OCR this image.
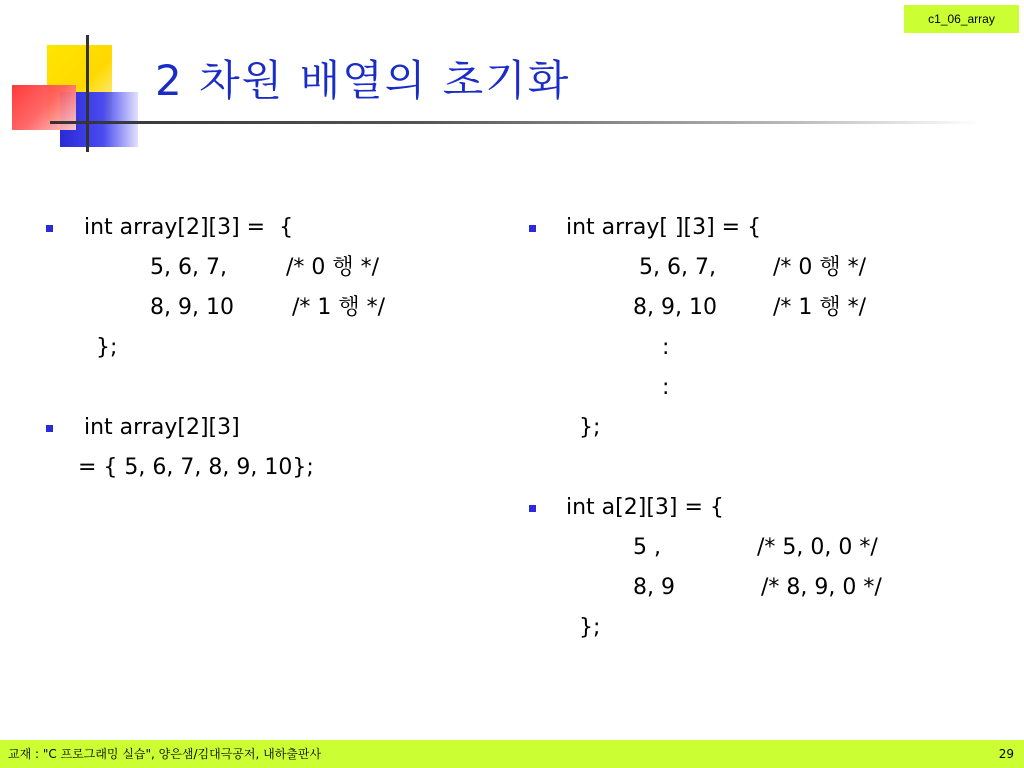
c1_06_array
2 차원 배열의 초기화

int array[2][3] =  {

5, 6, 7,

	/* 0 행 */

8, 9, 10

	/* 1 행 */

};

int array[2][3]

= { 5, 6, 7, 8, 9, 10};

int array[ ][3] = {

5, 6, 7,

	/* 0 행 */

8, 9, 10

	/* 1 행 */

:

:

};

int a[2][3] = {

5 ,

	/* 5, 0, 0 */

8, 9

	/* 8, 9, 0 */

};

교재 : "C 프로그래밍 실습", 양은샘/김대극공저, 내하출판사	29
